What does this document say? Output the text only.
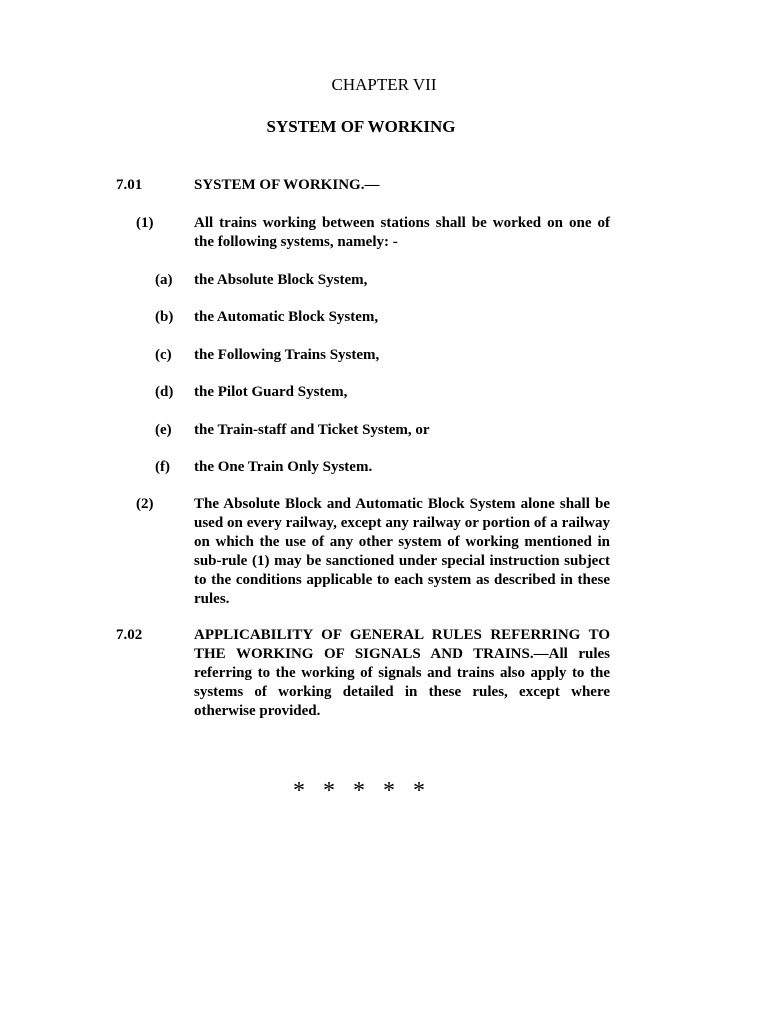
CHAPTER VII
SYSTEM OF WORKING
7.01	SYSTEM OF WORKING.—
(1)	All trains working between stations shall be worked on one of the following systems, namely: -
(a) the Absolute Block System,
(b) the Automatic Block System,
(c) the Following Trains System,
(d) the Pilot Guard System,
(e) the Train-staff and Ticket System, or
(f) the One Train Only System.
(2)	The Absolute Block and Automatic Block System alone shall be used on every railway, except any railway or portion of a railway on which the use of any other system of working mentioned in sub-rule (1) may be sanctioned under special instruction subject to the conditions applicable to each system as described in these rules.
7.02	APPLICABILITY OF GENERAL RULES REFERRING TO THE WORKING OF SIGNALS AND TRAINS.—All rules referring to the working of signals and trains also apply to the systems of working detailed in these rules, except where otherwise provided.
* * * * *
